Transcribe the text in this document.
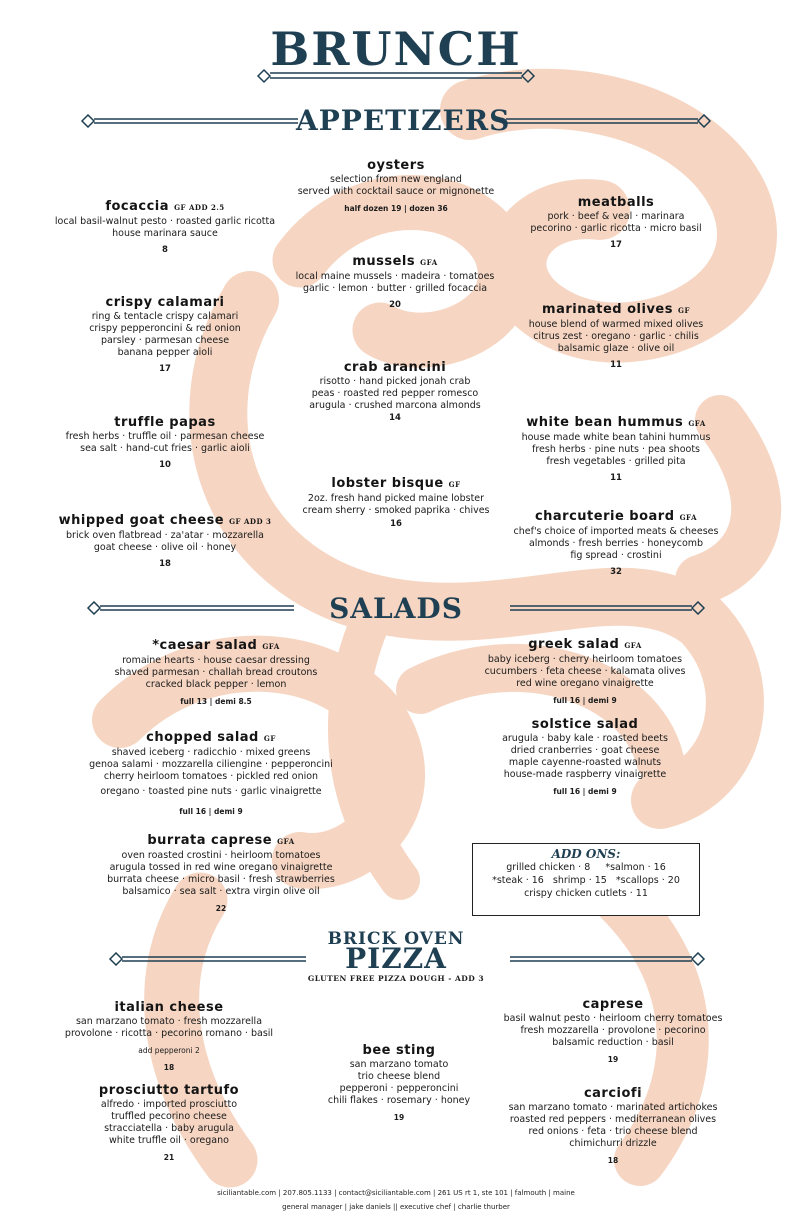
BRUNCH
APPETIZERS
oysters
selection from new england
served with cocktail sauce or mignonette
half dozen 19 | dozen 36
focaccia GF ADD 2.5
local basil-walnut pesto · roasted garlic ricotta
house marinara sauce
8
meatballs
pork · beef & veal · marinara
pecorino · garlic ricotta · micro basil
17
mussels GFA
local maine mussels · madeira · tomatoes
garlic · lemon · butter · grilled focaccia
20
crispy calamari
ring & tentacle crispy calamari
crispy pepperoncini & red onion
parsley · parmesan cheese
banana pepper aioli
17
marinated olives GF
house blend of warmed mixed olives
citrus zest · oregano · garlic · chilis
balsamic glaze · olive oil
11
crab arancini
risotto · hand picked jonah crab
peas · roasted red pepper romesco
arugula · crushed marcona almonds
14
truffle papas
fresh herbs · truffle oil · parmesan cheese
sea salt · hand-cut fries · garlic aioli
10
white bean hummus GFA
house made white bean tahini hummus
fresh herbs · pine nuts · pea shoots
fresh vegetables · grilled pita
11
lobster bisque GF
2oz. fresh hand picked maine lobster
cream sherry · smoked paprika · chives
16
whipped goat cheese GF ADD 3
brick oven flatbread · za'atar · mozzarella
goat cheese · olive oil · honey
18
charcuterie board GFA
chef's choice of imported meats & cheeses
almonds · fresh berries · honeycomb
fig spread · crostini
32
SALADS
*caesar salad GFA
romaine hearts · house caesar dressing
shaved parmesan · challah bread croutons
cracked black pepper · lemon
full 13 | demi 8.5
greek salad GFA
baby iceberg · cherry heirloom tomatoes
cucumbers · feta cheese · kalamata olives
red wine oregano vinaigrette
full 16 | demi 9
solstice salad
arugula · baby kale · roasted beets
dried cranberries · goat cheese
maple cayenne-roasted walnuts
house-made raspberry vinaigrette
full 16 | demi 9
chopped salad GF
shaved iceberg · radicchio · mixed greens
genoa salami · mozzarella ciliengine · pepperoncini
cherry heirloom tomatoes · pickled red onion
oregano · toasted pine nuts · garlic vinaigrette
full 16 | demi 9
burrata caprese GFA
oven roasted crostini · heirloom tomatoes
arugula tossed in red wine oregano vinaigrette
burrata cheese · micro basil · fresh strawberries
balsamico · sea salt · extra virgin olive oil
22
ADD ONS:
grilled chicken · 8     *salmon · 16
*steak · 16   shrimp · 15   *scallops · 20
crispy chicken cutlets · 11
BRICK OVEN
PIZZA
GLUTEN FREE PIZZA DOUGH - ADD 3
italian cheese
san marzano tomato · fresh mozzarella
provolone · ricotta · pecorino romano · basil
add pepperoni 2
18
caprese
basil walnut pesto · heirloom cherry tomatoes
fresh mozzarella · provolone · pecorino
balsamic reduction · basil
19
bee sting
san marzano tomato
trio cheese blend
pepperoni · pepperoncini
chili flakes · rosemary · honey
19
prosciutto tartufo
alfredo · imported prosciutto
truffled pecorino cheese
stracciatella · baby arugula
white truffle oil · oregano
21
carciofi
san marzano tomato · marinated artichokes
roasted red peppers · mediterranean olives
red onions · feta · trio cheese blend
chimichurri drizzle
18
siciliantable.com | 207.805.1133 | contact@siciliantable.com | 261 US rt 1, ste 101 | falmouth | maine
general manager | jake daniels || executive chef | charlie thurber
